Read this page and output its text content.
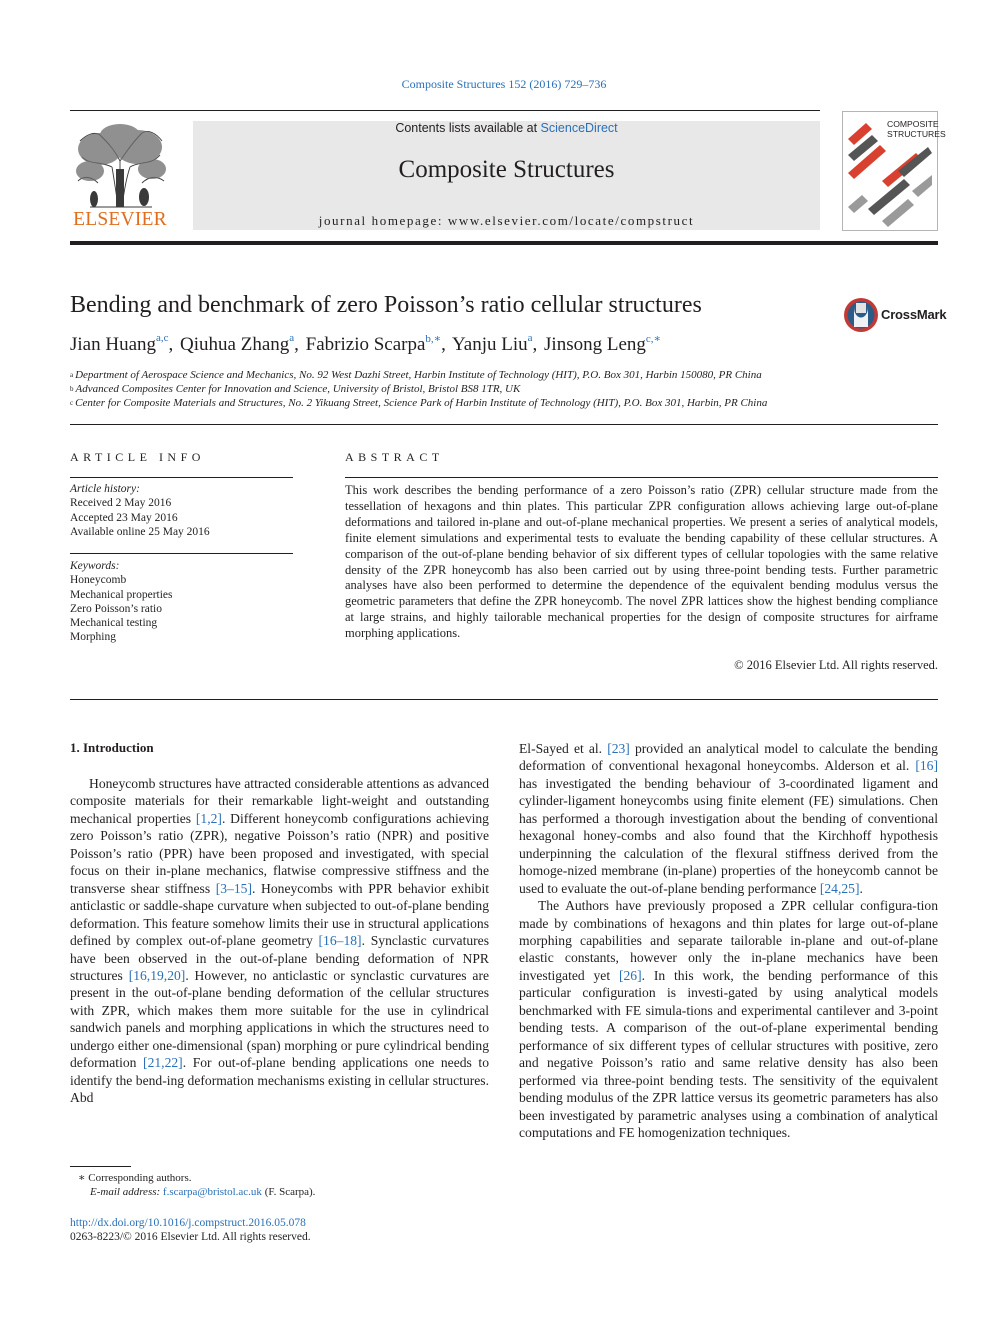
Composite Structures 152 (2016) 729–736
ELSEVIER
Contents lists available at ScienceDirect
Composite Structures
journal homepage: www.elsevier.com/locate/compstruct
COMPOSITE
STRUCTURES
Bending and benchmark of zero Poisson’s ratio cellular structures	CrossMark
Jian Huang$^{a,c}$, Qiuhua Zhang$^a$, Fabrizio Scarpa$^{b,∗}$, Yanju Liu$^a$, Jinsong Leng$^{c,∗}$
$^a$ Department of Aerospace Science and Mechanics, No. 92 West Dazhi Street, Harbin Institute of Technology (HIT), P.O. Box 301, Harbin 150080, PR China
$^b$ Advanced Composites Center for Innovation and Science, University of Bristol, Bristol BS8 1TR, UK
$^c$ Center for Composite Materials and Structures, No. 2 Yikuang Street, Science Park of Harbin Institute of Technology (HIT), P.O. Box 301, Harbin, PR China
ARTICLE INFO
Article history:
Received 2 May 2016
Accepted 23 May 2016
Available online 25 May 2016
Keywords:
Honeycomb
Mechanical properties
Zero Poisson’s ratio
Mechanical testing
Morphing
ABSTRACT
This work describes the bending performance of a zero Poisson’s ratio (ZPR) cellular structure made from the tessellation of hexagons and thin plates. This particular ZPR configuration allows achieving large out-of-plane deformations and tailored in-plane and out-of-plane mechanical properties. We present a series of analytical models, finite element simulations and experimental tests to evaluate the bending capability of these cellular structures. A comparison of the out-of-plane bending behavior of six different types of cellular topologies with the same relative density of the ZPR honeycomb has also been carried out by using three-point bending tests. Further parametric analyses have also been performed to determine the dependence of the equivalent bending modulus versus the geometric parameters that define the ZPR honeycomb. The novel ZPR lattices show the highest bending compliance at large strains, and highly tailorable mechanical properties for the design of composite structures for airframe morphing applications.
© 2016 Elsevier Ltd. All rights reserved.
1. Introduction

Honeycomb structures have attracted considerable attentions as advanced composite materials for their remarkable light-weight and outstanding mechanical properties [1,2]. Different honeycomb configurations achieving zero Poisson’s ratio (ZPR), negative Poisson’s ratio (NPR) and positive Poisson’s ratio (PPR) have been proposed and investigated, with special focus on their in-plane mechanics, flatwise compressive stiffness and the transverse shear stiffness [3–15]. Honeycombs with PPR behavior exhibit anticlastic or saddle-shape curvature when subjected to out-of-plane bending deformation. This feature somehow limits their use in structural applications defined by complex out-of-plane geometry [16–18]. Synclastic curvatures have been observed in the out-of-plane bending deformation of NPR structures [16,19,20]. However, no anticlastic or synclastic curvatures are present in the out-of-plane bending deformation of the cellular structures with ZPR, which makes them more suitable for the use in cylindrical sandwich panels and morphing applications in which the structures need to undergo either one-dimensional (span) morphing or pure cylindrical bending deformation [21,22]. For out-of-plane bending applications one needs to identify the bend-ing deformation mechanisms existing in cellular structures. Abd

El-Sayed et al. [23] provided an analytical model to calculate the bending deformation of conventional hexagonal honeycombs. Alderson et al. [16] has investigated the bending behaviour of 3-coordinated ligament and cylinder-ligament honeycombs using finite element (FE) simulations. Chen has performed a thorough investigation about the bending of conventional hexagonal honey-combs and also found that the Kirchhoff hypothesis underpinning the calculation of the flexural stiffness derived from the homoge-nized membrane (in-plane) properties of the honeycomb cannot be used to evaluate the out-of-plane bending performance [24,25].

The Authors have previously proposed a ZPR cellular configura-tion made by combinations of hexagons and thin plates for large out-of-plane morphing capabilities and separate tailorable in-plane and out-of-plane elastic constants, however only the in-plane mechanics have been investigated yet [26]. In this work, the bending performance of this particular configuration is investi-gated by using analytical models benchmarked with FE simula-tions and experimental cantilever and 3-point bending tests. A comparison of the out-of-plane experimental bending performance of six different types of cellular structures with positive, zero and negative Poisson’s ratio and same relative density has also been performed via three-point bending tests. The sensitivity of the equivalent bending modulus of the ZPR lattice versus its geometric parameters has also been investigated by parametric analyses using a combination of analytical computations and FE homogenization techniques.

∗ Corresponding authors.
E-mail address: f.scarpa@bristol.ac.uk (F. Scarpa).
http://dx.doi.org/10.1016/j.compstruct.2016.05.078
0263-8223/© 2016 Elsevier Ltd. All rights reserved.
